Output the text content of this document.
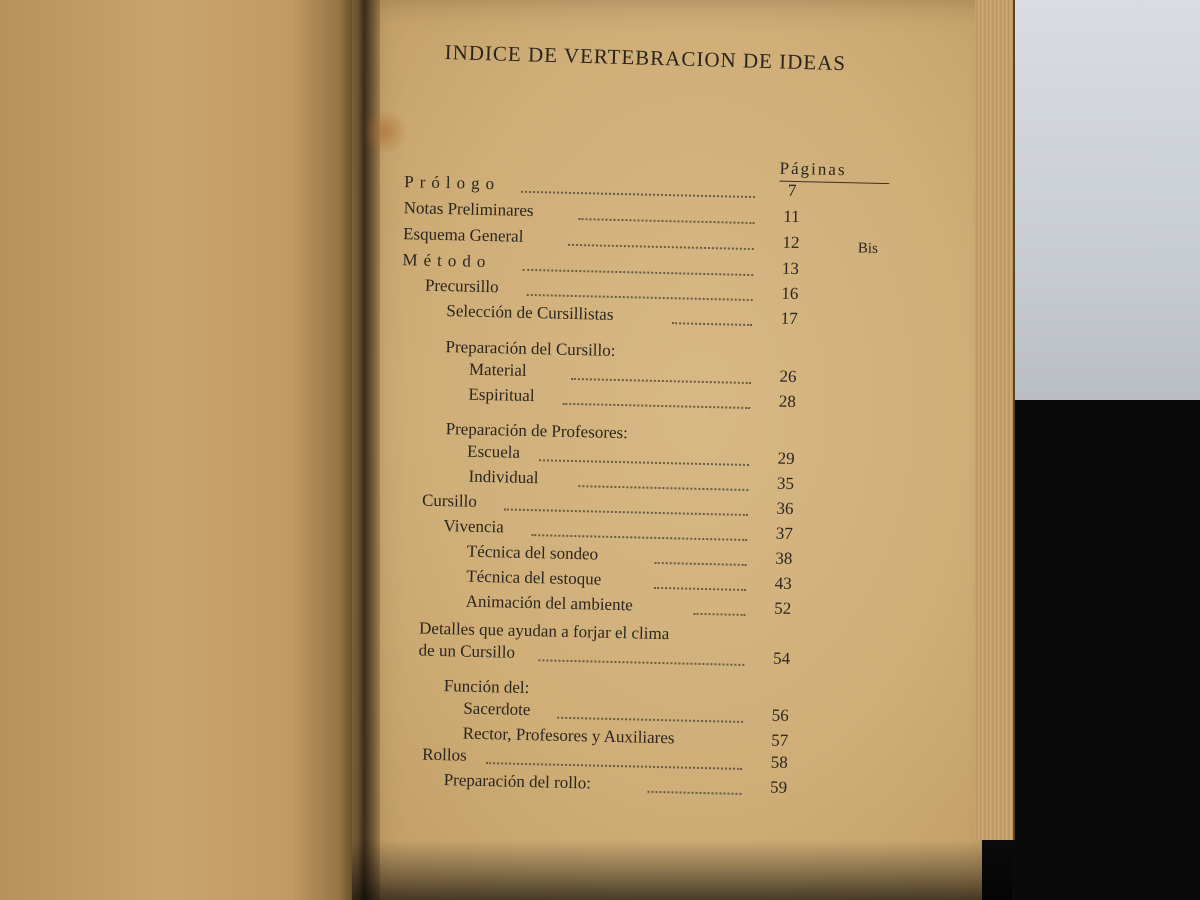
INDICE DE VERTEBRACION DE IDEAS
Páginas
Prólogo	7
Notas Preliminares	11
Esquema General	12	Bis
Método	13
Precursillo	16
Selección de Cursillistas	17
Preparación del Cursillo:
Material	26
Espiritual	28
Preparación de Profesores:
Escuela	29
Individual	35
Cursillo	36
Vivencia	37
Técnica del sondeo	38
Técnica del estoque	43
Animación del ambiente	52
Detalles que ayudan a forjar el clima
de un Cursillo	54
Función del:
Sacerdote	56
Rector, Profesores y Auxiliares	57
Rollos	58
Preparación del rollo:	59
